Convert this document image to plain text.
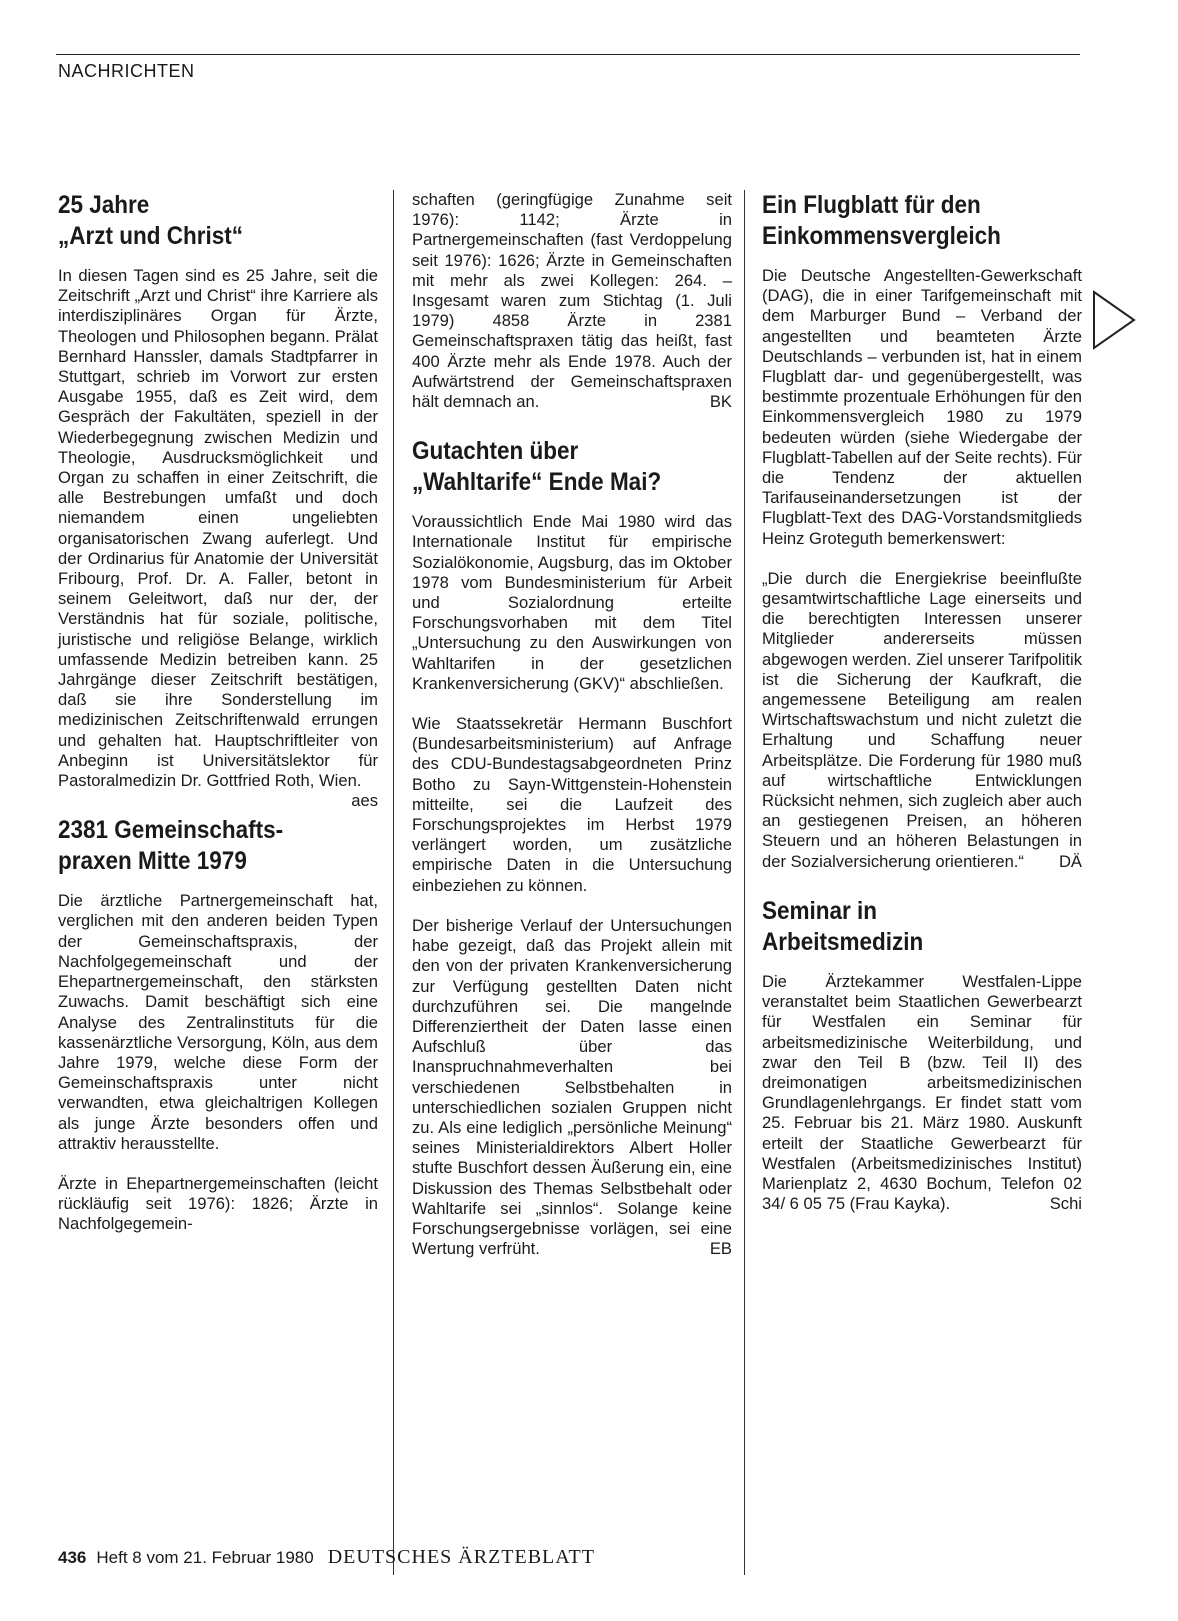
NACHRICHTEN
25 Jahre
„Arzt und Christ“

In diesen Tagen sind es 25 Jahre, seit die Zeitschrift „Arzt und Christ“ ihre Karriere als interdisziplinäres Organ für Ärzte, Theologen und Philosophen begann. Prälat Bernhard Hanssler, damals Stadtpfarrer in Stuttgart, schrieb im Vorwort zur ersten Ausgabe 1955, daß es Zeit wird, dem Gespräch der Fakultäten, speziell in der Wiederbegegnung zwischen Medizin und Theologie, Ausdrucksmöglichkeit und Organ zu schaffen in einer Zeitschrift, die alle Bestrebungen umfaßt und doch niemandem einen ungeliebten organisatorischen Zwang auferlegt. Und der Ordinarius für Anatomie der Universität Fribourg, Prof. Dr. A. Faller, betont in seinem Geleitwort, daß nur der, der Verständnis hat für soziale, politische, juristische und religiöse Belange, wirklich umfassende Medizin betreiben kann. 25 Jahrgänge dieser Zeitschrift bestätigen, daß sie ihre Sonderstellung im medizinischen Zeitschriftenwald errungen und gehalten hat. Hauptschriftleiter von Anbeginn ist Universitätslektor für Pastoralmedizin Dr. Gottfried Roth, Wien.
aes

2381 Gemeinschafts-
praxen Mitte 1979

Die ärztliche Partnergemeinschaft hat, verglichen mit den anderen beiden Typen der Gemeinschaftspraxis, der Nachfolgegemeinschaft und der Ehepartnergemeinschaft, den stärksten Zuwachs. Damit beschäftigt sich eine Analyse des Zentralinstituts für die kassenärztliche Versorgung, Köln, aus dem Jahre 1979, welche diese Form der Gemeinschaftspraxis unter nicht verwandten, etwa gleichaltrigen Kollegen als junge Ärzte besonders offen und attraktiv herausstellte.

Ärzte in Ehepartnergemeinschaften (leicht rückläufig seit 1976): 1826; Ärzte in Nachfolgegemein-

schaften (geringfügige Zunahme seit 1976): 1142; Ärzte in Partnergemeinschaften (fast Verdoppelung seit 1976): 1626; Ärzte in Gemeinschaften mit mehr als zwei Kollegen: 264. – Insgesamt waren zum Stichtag (1. Juli 1979) 4858 Ärzte in 2381 Gemeinschaftspraxen tätig das heißt, fast 400 Ärzte mehr als Ende 1978. Auch der Aufwärtstrend der Gemeinschaftspraxen hält demnach an.	BK

Gutachten über
„Wahltarife“ Ende Mai?

Voraussichtlich Ende Mai 1980 wird das Internationale Institut für empirische Sozialökonomie, Augsburg, das im Oktober 1978 vom Bundesministerium für Arbeit und Sozialordnung erteilte Forschungsvorhaben mit dem Titel „Untersuchung zu den Auswirkungen von Wahltarifen in der gesetzlichen Krankenversicherung (GKV)“ abschließen.

Wie Staatssekretär Hermann Buschfort (Bundesarbeitsministerium) auf Anfrage des CDU-Bundestagsabgeordneten Prinz Botho zu Sayn-Wittgenstein-Hohenstein mitteilte, sei die Laufzeit des Forschungsprojektes im Herbst 1979 verlängert worden, um zusätzliche empirische Daten in die Untersuchung einbeziehen zu können.

Der bisherige Verlauf der Untersuchungen habe gezeigt, daß das Projekt allein mit den von der privaten Krankenversicherung zur Verfügung gestellten Daten nicht durchzuführen sei. Die mangelnde Differenziertheit der Daten lasse einen Aufschluß über das Inanspruchnahmeverhalten bei verschiedenen Selbstbehalten in unterschiedlichen sozialen Gruppen nicht zu. Als eine lediglich „persönliche Meinung“ seines Ministerialdirektors Albert Holler stufte Buschfort dessen Äußerung ein, eine Diskussion des Themas Selbstbehalt oder Wahltarife sei „sinnlos“. Solange keine Forschungsergebnisse vorlägen, sei eine Wertung verfrüht.	EB

Ein Flugblatt für den
Einkommensvergleich

Die Deutsche Angestellten-Gewerkschaft (DAG), die in einer Tarifgemeinschaft mit dem Marburger Bund – Verband der angestellten und beamteten Ärzte Deutschlands – verbunden ist, hat in einem Flugblatt dar- und gegenübergestellt, was bestimmte prozentuale Erhöhungen für den Einkommensvergleich 1980 zu 1979 bedeuten würden (siehe Wiedergabe der Flugblatt-Tabellen auf der Seite rechts). Für die Tendenz der aktuellen Tarifauseinandersetzungen ist der Flugblatt-Text des DAG-Vorstandsmitglieds Heinz Groteguth bemerkenswert:

„Die durch die Energiekrise beeinflußte gesamtwirtschaftliche Lage einerseits und die berechtigten Interessen unserer Mitglieder andererseits müssen abgewogen werden. Ziel unserer Tarifpolitik ist die Sicherung der Kaufkraft, die angemessene Beteiligung am realen Wirtschaftswachstum und nicht zuletzt die Erhaltung und Schaffung neuer Arbeitsplätze. Die Forderung für 1980 muß auf wirtschaftliche Entwicklungen Rücksicht nehmen, sich zugleich aber auch an gestiegenen Preisen, an höheren Steuern und an höheren Belastungen in der Sozialversicherung orientieren.“ DÄ

Seminar in
Arbeitsmedizin

Die Ärztekammer Westfalen-Lippe veranstaltet beim Staatlichen Gewerbearzt für Westfalen ein Seminar für arbeitsmedizinische Weiterbildung, und zwar den Teil B (bzw. Teil II) des dreimonatigen arbeitsmedizinischen Grundlagenlehrgangs. Er findet statt vom 25. Februar bis 21. März 1980. Auskunft erteilt der Staatliche Gewerbearzt für Westfalen (Arbeitsmedizinisches Institut) Marienplatz 2, 4630 Bochum, Telefon 02 34/ 6 05 75 (Frau Kayka).	Schi

436 Heft 8 vom 21. Februar 1980 DEUTSCHES ÄRZTEBLATT
